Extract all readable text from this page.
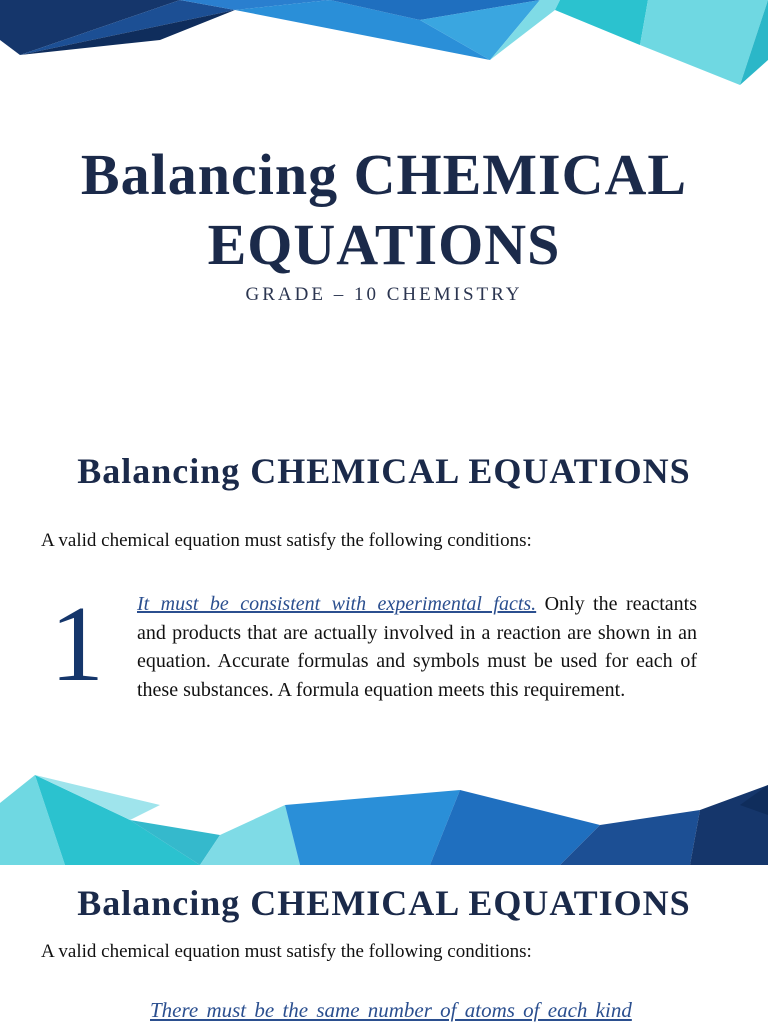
Balancing CHEMICAL
EQUATIONS
GRADE – 10 CHEMISTRY
Balancing CHEMICAL EQUATIONS
A valid chemical equation must satisfy the following conditions:
1 It must be consistent with experimental facts. Only the reactants and products that are actually involved in a reaction are shown in an equation. Accurate formulas and symbols must be used for each of these substances. A formula equation meets this requirement.
Balancing CHEMICAL EQUATIONS
A valid chemical equation must satisfy the following conditions:
There must be the same number of atoms of each kind
